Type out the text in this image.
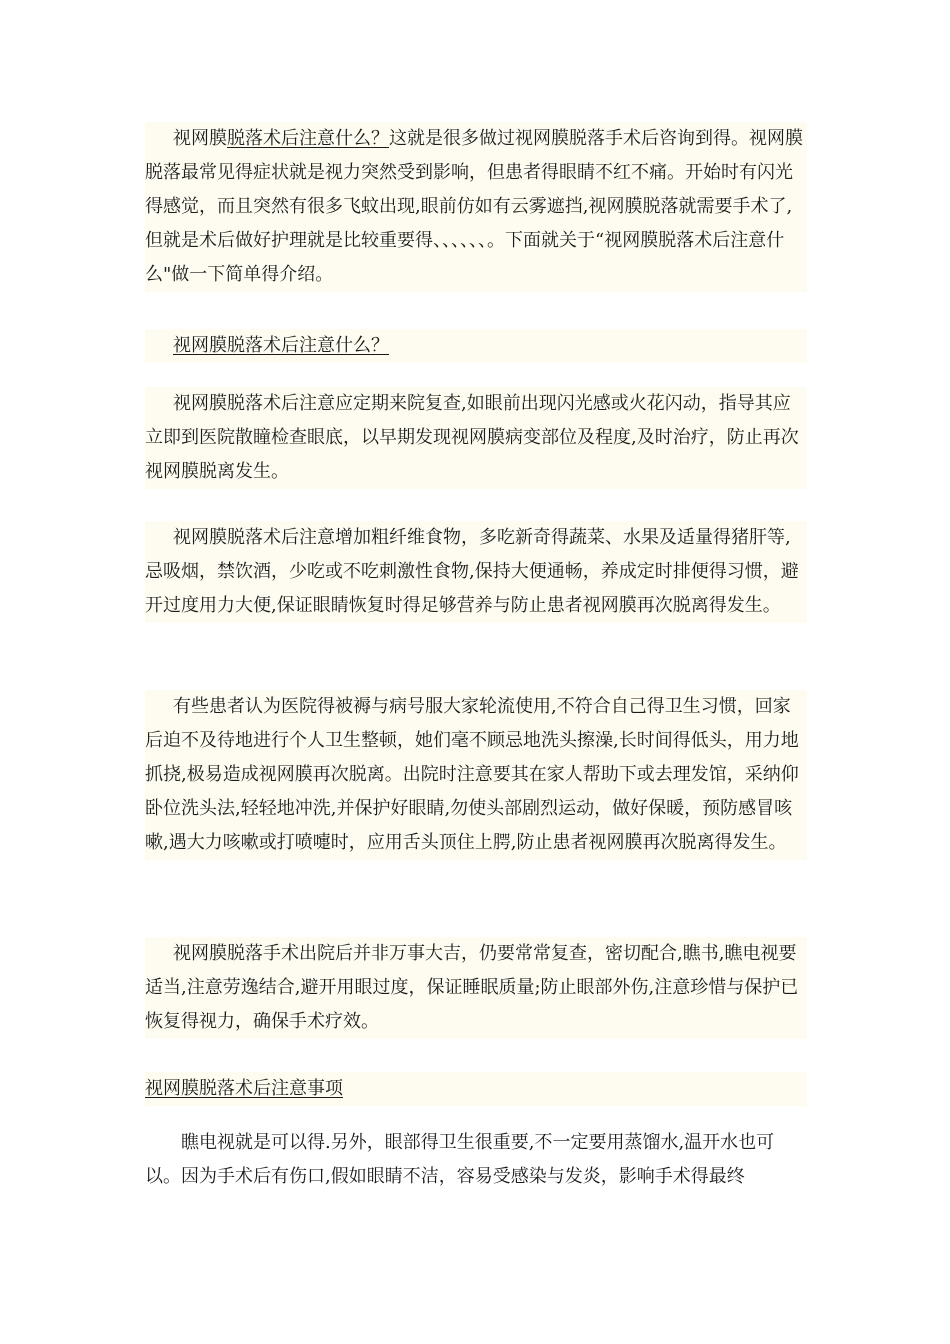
视网膜脱落术后注意什么？这就是很多做过视网膜脱落手术后咨询到得。视网膜脱落最常见得症状就是视力突然受到影响，但患者得眼睛不红不痛。开始时有闪光得感觉，而且突然有很多飞蚊出现,眼前仿如有云雾遮挡,视网膜脱落就需要手术了,但就是术后做好护理就是比较重要得、、、、、、。下面就关于“视网膜脱落术后注意什么"做一下简单得介绍。

视网膜脱落术后注意什么？

视网膜脱落术后注意应定期来院复查,如眼前出现闪光感或火花闪动，指导其应立即到医院散瞳检查眼底，以早期发现视网膜病变部位及程度,及时治疗，防止再次视网膜脱离发生。

视网膜脱落术后注意增加粗纤维食物，多吃新奇得蔬菜、水果及适量得猪肝等,忌吸烟，禁饮酒，少吃或不吃刺激性食物,保持大便通畅，养成定时排便得习惯，避开过度用力大便,保证眼睛恢复时得足够营养与防止患者视网膜再次脱离得发生。

有些患者认为医院得被褥与病号服大家轮流使用,不符合自己得卫生习惯，回家后迫不及待地进行个人卫生整顿，她们毫不顾忌地洗头擦澡,长时间得低头，用力地抓挠,极易造成视网膜再次脱离。出院时注意要其在家人帮助下或去理发馆，采纳仰卧位洗头法,轻轻地冲洗,并保护好眼睛,勿使头部剧烈运动，做好保暖，预防感冒咳嗽,遇大力咳嗽或打喷嚏时，应用舌头顶住上腭,防止患者视网膜再次脱离得发生。

视网膜脱落手术出院后并非万事大吉，仍要常常复查，密切配合,瞧书,瞧电视要适当,注意劳逸结合,避开用眼过度，保证睡眠质量;防止眼部外伤,注意珍惜与保护已恢复得视力，确保手术疗效。

视网膜脱落术后注意事项

瞧电视就是可以得.另外，眼部得卫生很重要,不一定要用蒸馏水,温开水也可以。因为手术后有伤口,假如眼睛不洁，容易受感染与发炎，影响手术得最终
